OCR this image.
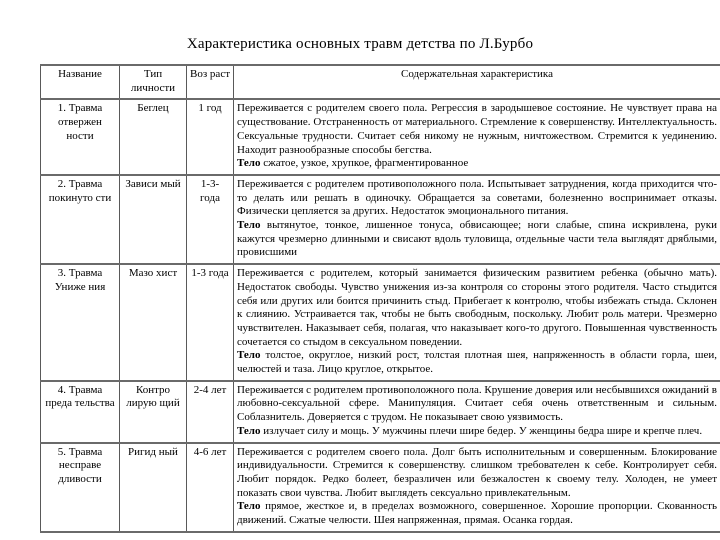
Характеристика основных травм детства по Л.Бурбо
Название	Тип личности	Воз раст	Содержательная характеристика
1. Травма отвержен ности	Беглец	1 год	Переживается с родителем своего пола. Регрессия в зародышевое состояние. Не чувствует права на существование. Отстраненность от материального. Стремление к совершенству. Интеллектуальность. Сексуальные трудности. Считает себя никому не нужным, ничтожеством. Стремится к уединению. Находит разнообразные способы бегства.
Тело сжатое, узкое, хрупкое, фрагментированное

2. Травма покинуто сти	Зависи мый	1-3- года	Переживается с родителем противоположного пола. Испытывает затруднения, когда приходится что-то делать или решать в одиночку. Обращается за советами, болезненно воспринимает отказы. Физически цепляется за других. Недостаток эмоционального питания.
Тело вытянутое, тонкое, лишенное тонуса, обвисающее; ноги слабые, спина искривлена, руки кажутся чрезмерно длинными и свисают вдоль туловища, отдельные части тела выглядят дряблыми, провисшими

3. Травма Униже ния	Мазо хист	1-3 года	Переживается с родителем, который занимается физическим развитием ребенка (обычно мать). Недостаток свободы. Чувство унижения из-за контроля со стороны этого родителя. Часто стыдится себя или других или боится причинить стыд. Прибегает к контролю, чтобы избежать стыда. Склонен к слиянию. Устраивается так, чтобы не быть свободным, поскольку. Любит роль матери. Чрезмерно чувствителен. Наказывает себя, полагая, что наказывает кого-то другого. Повышенная чувственность сочетается со стыдом в сексуальном поведении.
Тело толстое, округлое, низкий рост, толстая плотная шея, напряженность в области горла, шеи, челюстей и таза. Лицо круглое, открытое.

4. Травма преда тельства	Контро лирую щий	2-4 лет	Переживается с родителем противоположного пола. Крушение доверия или несбывшихся ожиданий в любовно-сексуальной сфере. Манипуляция. Считает себя очень ответственным и сильным. Соблазнитель. Доверяется с трудом. Не показывает свою уязвимость.
Тело излучает силу и мощь. У мужчины плечи шире бедер. У женщины бедра шире и крепче плеч.

5. Травма несправе дливости	Ригид ный	4-6 лет	Переживается с родителем своего пола. Долг быть исполнительным и совершенным. Блокирование индивидуальности. Стремится к совершенству. слишком требователен к себе. Контролирует себя. Любит порядок. Редко болеет, безразличен или безжалостен к своему телу. Холоден, не умеет показать свои чувства. Любит выглядеть сексуально привлекательным.
Тело прямое, жесткое и, в пределах возможного, совершенное. Хорошие пропорции. Скованность движений. Сжатые челюсти. Шея напряженная, прямая. Осанка гордая.
